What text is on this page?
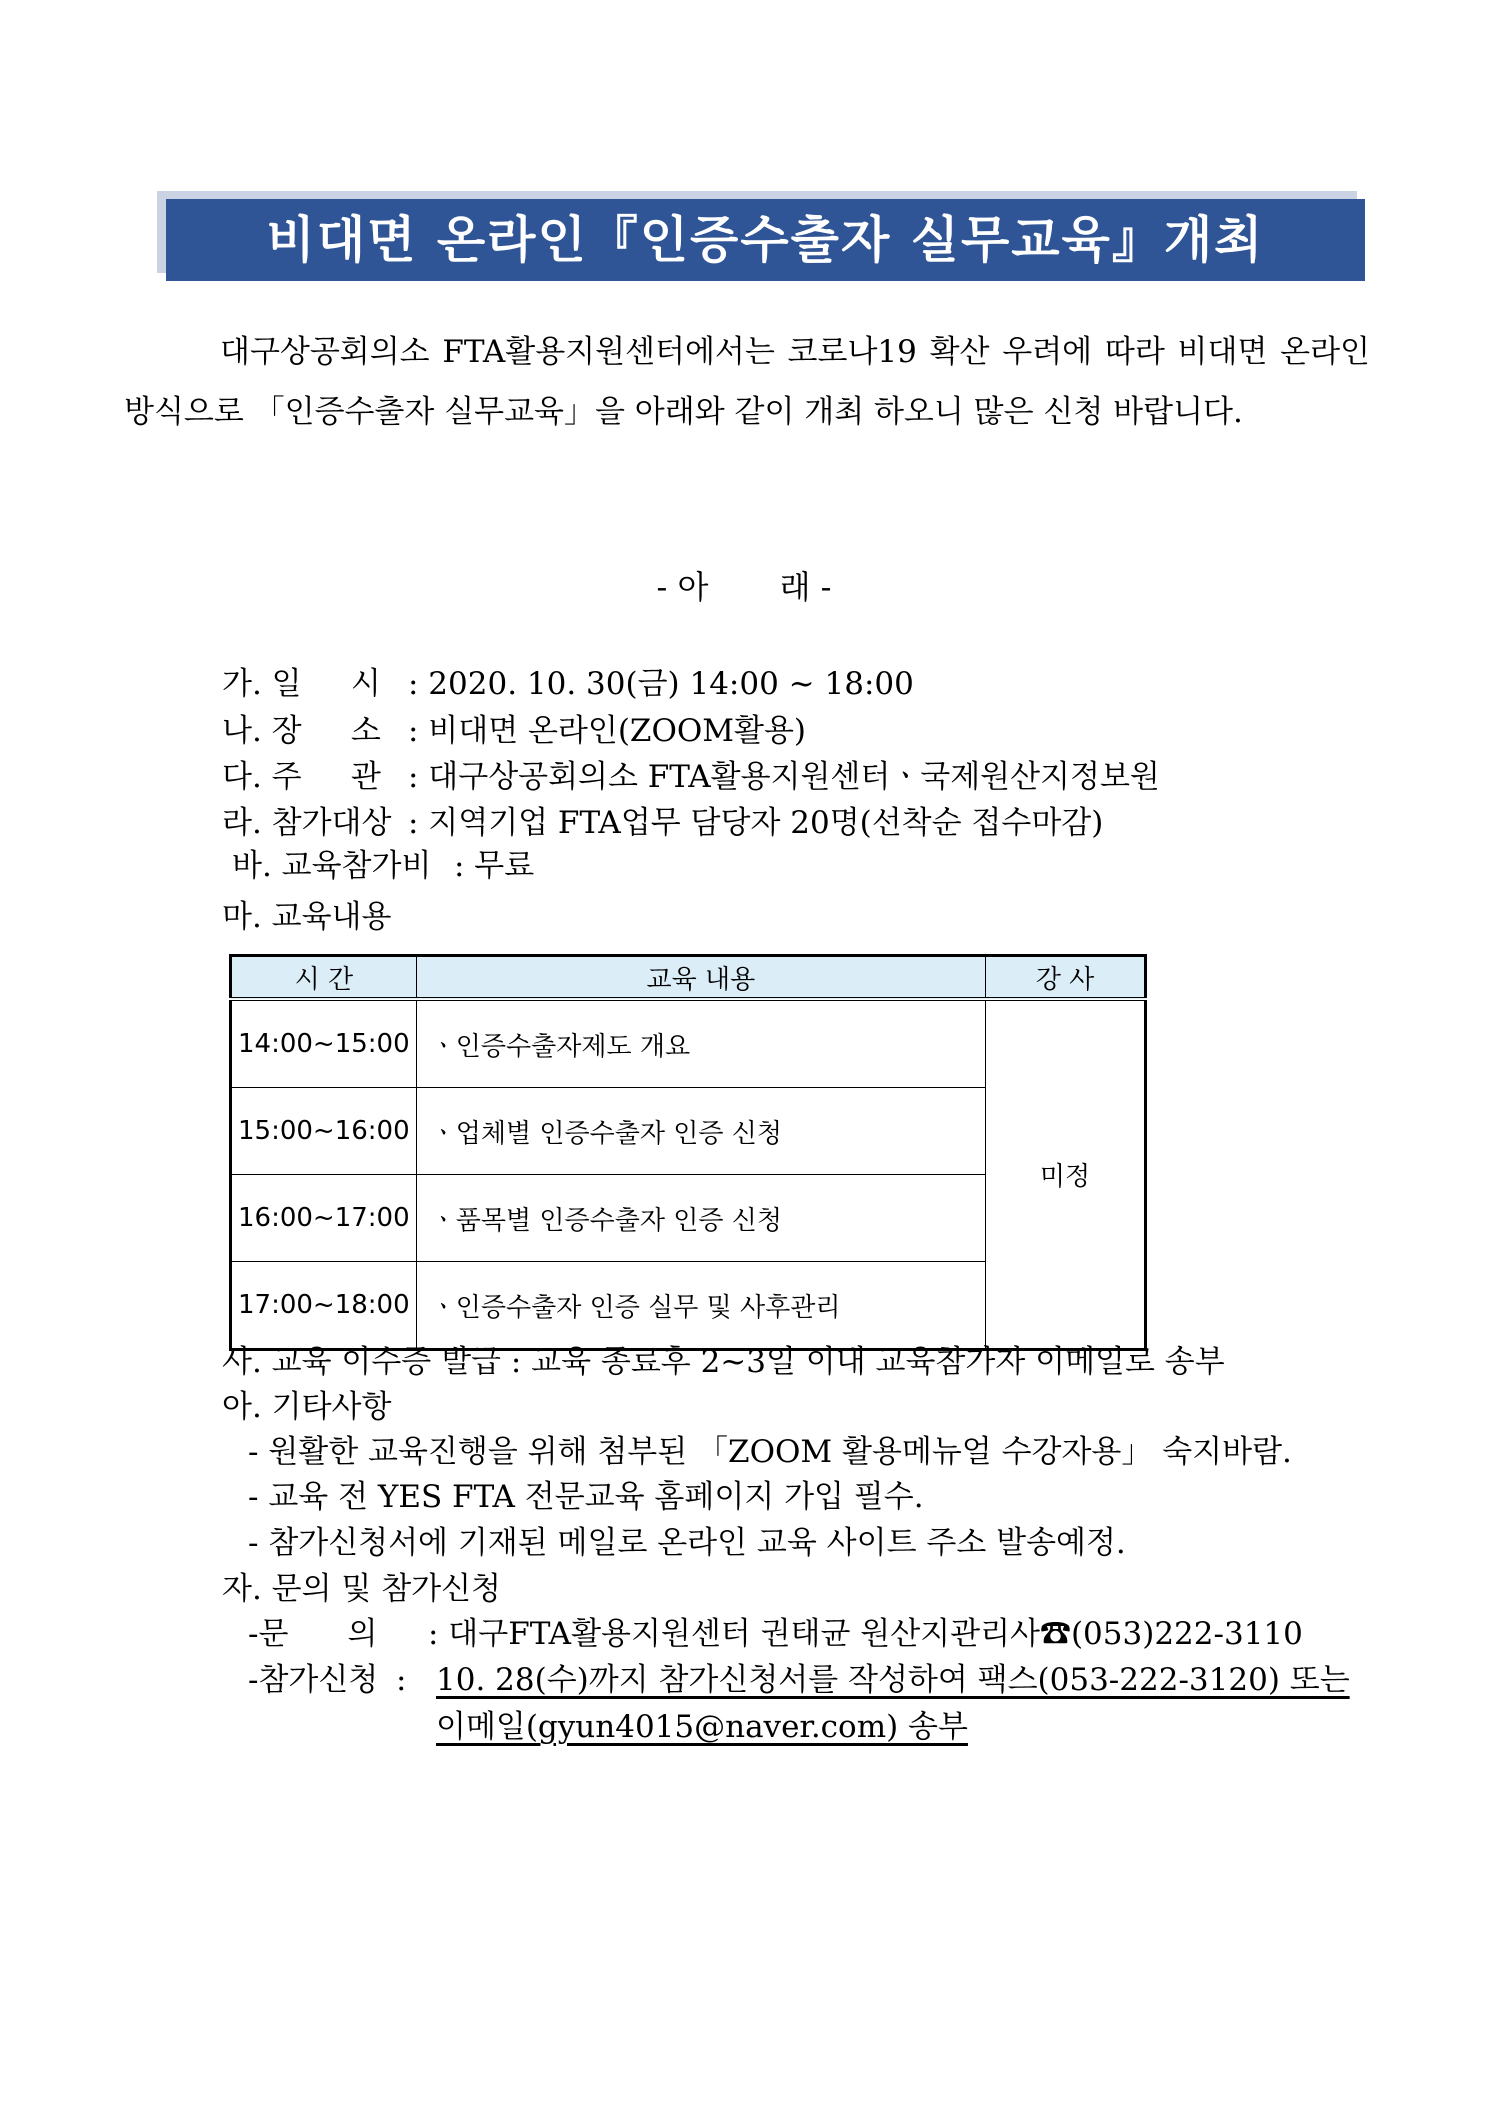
비대면 온라인『인증수출자 실무교육』개최
대구상공회의소 FTA활용지원센터에서는 코로나19 확산 우려에 따라 비대면 온라인 방식으로 「인증수출자 실무교육」을 아래와 같이 개최 하오니 많은 신청 바랍니다.
- 아       래 -
가. 일     시 : 2020. 10. 30(금) 14:00 ~ 18:00
나. 장     소 : 비대면 온라인(ZOOM활용)
다. 주     관 : 대구상공회의소 FTA활용지원센터ㆍ국제원산지정보원
라. 참가대상 : 지역기업 FTA업무 담당자 20명(선착순 접수마감)
바. 교육참가비 : 무료
마. 교육내용
시 간	교육 내용	강 사
14:00~15:00	ㆍ인증수출자제도 개요	미정
15:00~16:00	ㆍ업체별 인증수출자 인증 신청	
16:00~17:00	ㆍ품목별 인증수출자 인증 신청	
17:00~18:00	ㆍ인증수출자 인증 실무 및 사후관리	
사. 교육 이수증 발급 : 교육 종료후 2~3일 이내 교육참가자 이메일로 송부
아. 기타사항
- 원활한 교육진행을 위해 첨부된 「ZOOM 활용메뉴얼 수강자용」 숙지바람.
- 교육 전 YES FTA 전문교육 홈페이지 가입 필수.
- 참가신청서에 기재된 메일로 온라인 교육 사이트 주소 발송예정.
자. 문의 및 참가신청
-문      의 : 대구FTA활용지원센터 권태균 원산지관리사☎(053)222-3110
-참가신청 : 10. 28(수)까지 참가신청서를 작성하여 팩스(053-222-3120) 또는
이메일(gyun4015@naver.com) 송부
